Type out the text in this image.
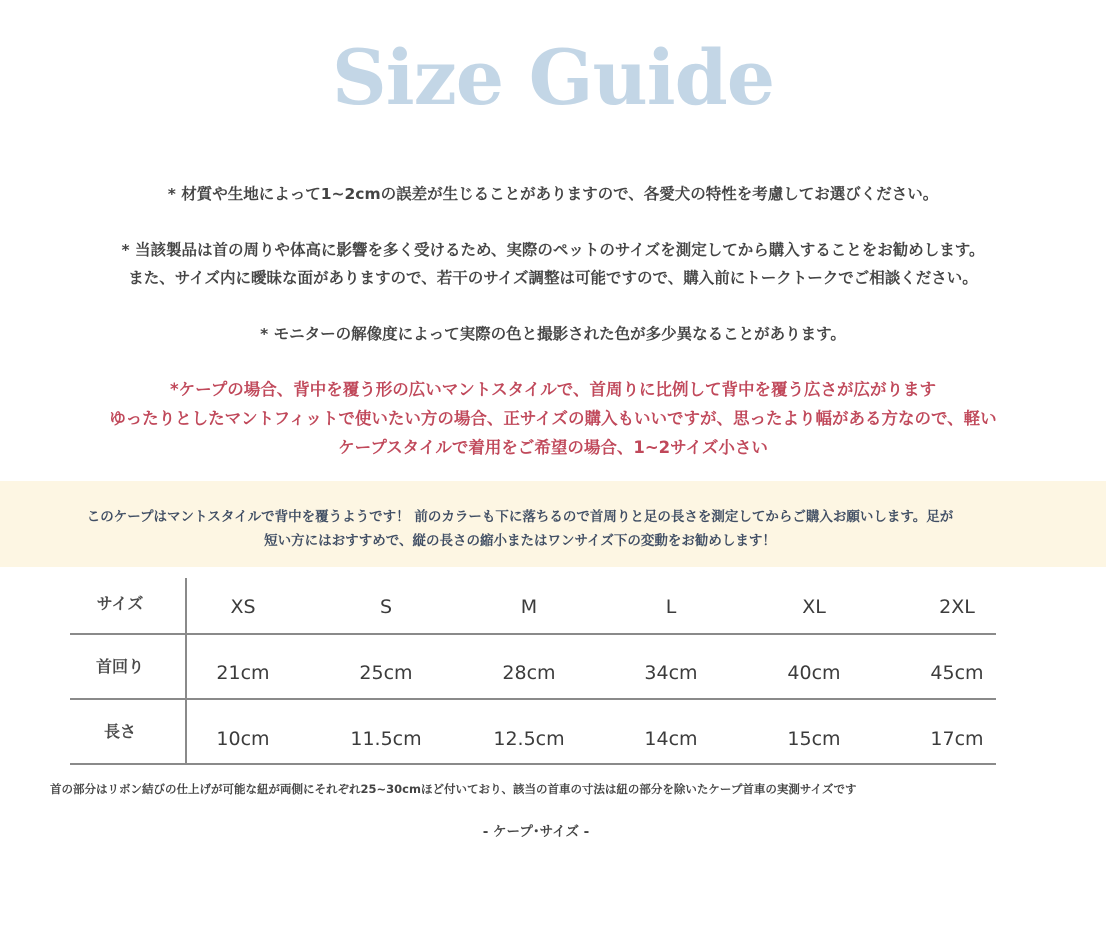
Size Guide
* 材質や生地によって1~2cmの誤差が生じることがありますので、各愛犬の特性を考慮してお選びください。
* 当該製品は首の周りや体高に影響を多く受けるため、実際のペットのサイズを測定してから購入することをお勧めします。
また、サイズ内に曖昧な面がありますので、若干のサイズ調整は可能ですので、購入前にトークトークでご相談ください。
* モニターの解像度によって実際の色と撮影された色が多少異なることがあります。
*ケープの場合、背中を覆う形の広いマントスタイルで、首周りに比例して背中を覆う広さが広がります
ゆったりとしたマントフィットで使いたい方の場合、正サイズの購入もいいですが、思ったより幅がある方なので、軽い
ケープスタイルで着用をご希望の場合、1~2サイズ小さい
このケープはマントスタイルで背中を覆うようです！ 前のカラーも下に落ちるので首周りと足の長さを測定してからご購入お願いします。足が
短い方にはおすすめで、縦の長さの縮小またはワンサイズ下の変動をお勧めします！
サイズ	XS	S	M	L	XL	2XL
首回り	21cm	25cm	28cm	34cm	40cm	45cm
長さ	10cm	11.5cm	12.5cm	14cm	15cm	17cm
首の部分はリボン結びの仕上げが可能な紐が両側にそれぞれ25~30cmほど付いており、該当の首車の寸法は紐の部分を除いたケープ首車の実測サイズです
- ケープ･サイズ -
